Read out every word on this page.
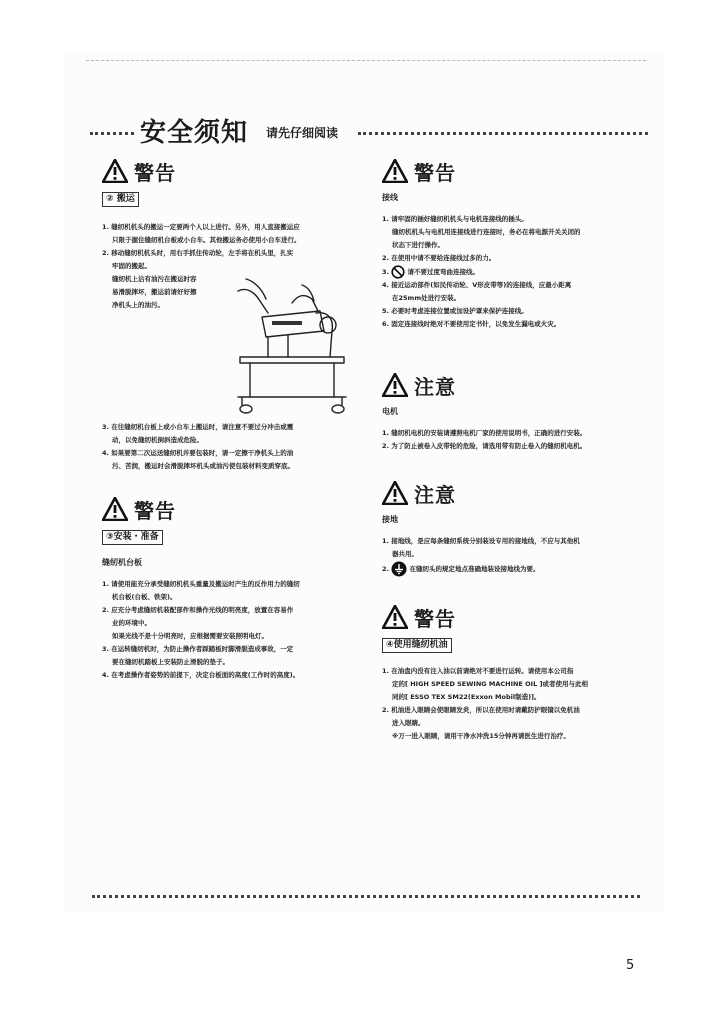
安全须知 请先仔细阅读
警告
② 搬运

1. 缝纫机机头的搬运一定要两个人以上进行。另外，用人直接搬运应

只限于握住缝纫机台板或小台车。其他搬运务必使用小台车进行。

2. 移动缝纫机机头时，用右手抓住传动轮，左手将在机头里，扎实

牢固的搬起。

缝纫机上沾有油污在搬运时容

易滑脱摔坏，搬运前请好好擦

净机头上的油污。

3. 在往缝纫机台板上或小台车上搬运时，请注意不要过分冲击或震

动，以免缝纫机倒斜造成危险。

4. 如果要第二次运送缝纫机并要包装时，请一定擦干净机头上的油

污、苦润，搬运时会滑脱摔坏机头或油污使包装材料变质穿底。

警告
③安装・准备
缝纫机台板

1. 请使用能充分承受缝纫机机头重量及搬运时产生的反作用力的缝纫

机台板(台板、铁架)。

2. 应充分考虑缝纫机装配部件和操作光线的明亮度，放置在容易作

业的环境中。

如果光线不是十分明亮时，应根据需要安装照明电灯。

3. 在运转缝纫机时，为防止操作者踩踏板时脚滑脱造成事故，一定

要在缝纫机踏板上安装防止滑脱的垫子。

4. 在考虑操作者姿势的前提下，决定台板面的高度(工作时的高度)。

警告
接线

1. 请牢固的插好缝纫机机头与电机连接线的插头。

缝纫机机头与电机用连接线进行连接时，务必在将电源开关关闭的

状态下进行操作。

2. 在使用中请不要给连接线过多的力。

3.	请不要过度弯曲连接线。

4. 接近运动部件(如民传动轮、V形皮带等)的连接线，应最小距离

在25mm处进行安装。

5. 必要时考虑连接位置或加设护罩来保护连接线。

6. 固定连接线时绝对不要使用定书针，以免发生漏电或火灾。

注意
电机

1. 缝纫机电机的安装请遵照电机厂家的使用说明书，正确的进行安装。

2. 为了防止被卷入皮带轮的危险，请选用带有防止卷入的缝纫机电机。

注意
接地

1. 接地线，是应每条缝纫系统分别装设专用的接地线，不应与其他机

器共用。

2.	在缝纫头的规定地点准确地装设接地线为要。

警告
④使用缝纫机油

1. 在油盘内没有注入油以前请绝对不要进行运转。请使用本公司指

定的[ HIGH SPEED SEWING MACHINE OIL ]或者使用与此相

同的[ ESSO TEX SM22(Exxon Mobil制造)]。

2. 机油进入眼睛会使眼睛发炎，所以在使用时请戴防护眼镜以免机油

进入眼睛。

※万一进入眼睛，请用干净水冲洗15分钟再请医生进行治疗。

5
